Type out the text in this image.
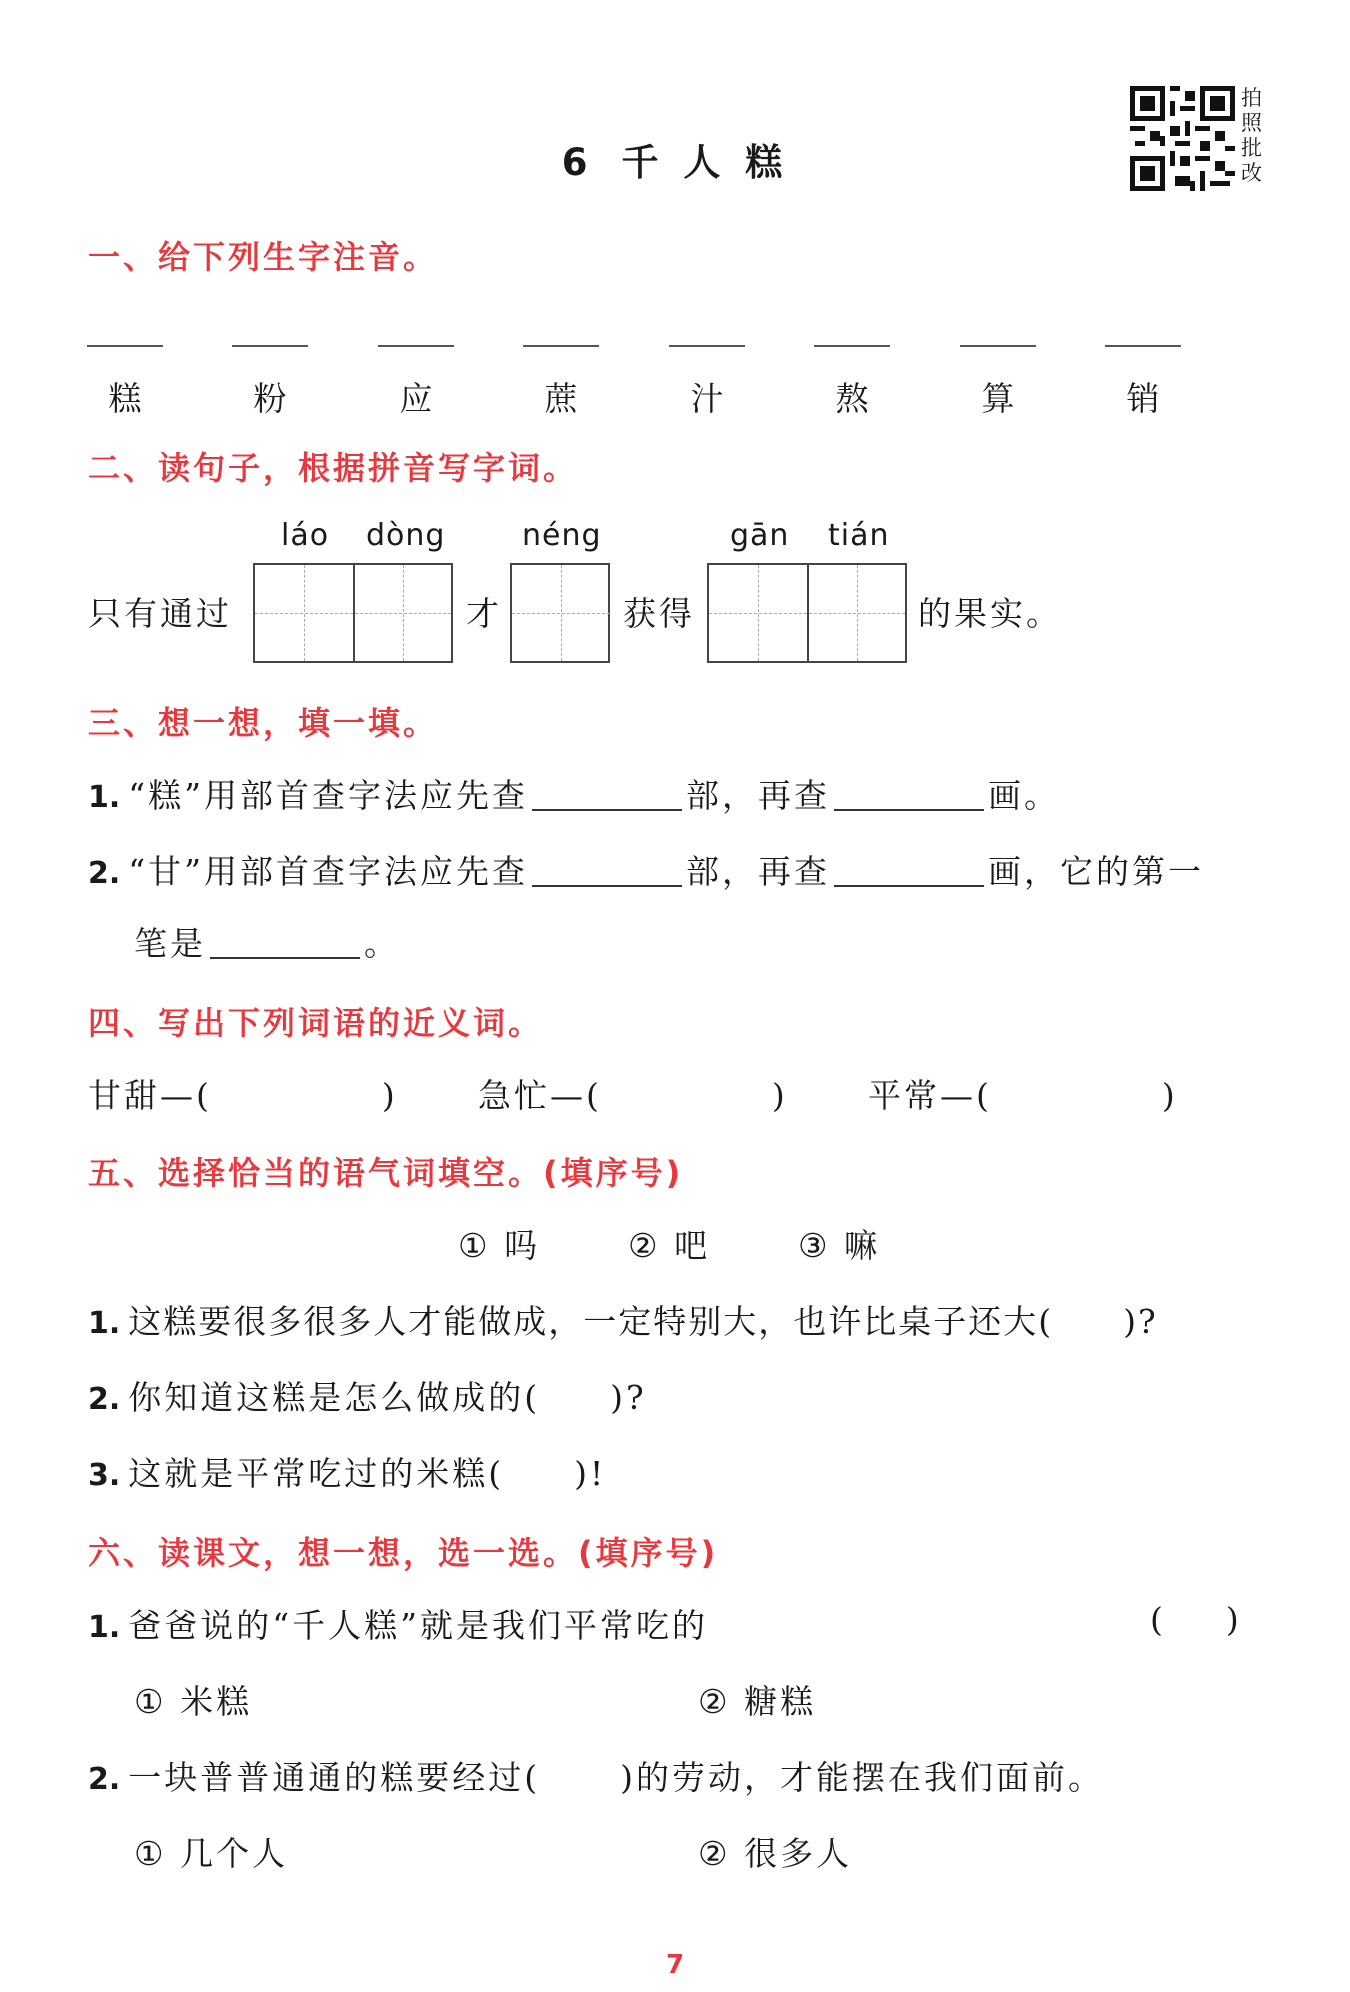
6 千 人 糕
拍
照
批
改
一、给下列生字注音。
糕	粉	应	蔗	汁	熬	算	销
二、读句子，根据拼音写字词。
láo dòng	néng	gān tián
只有通过	才	获得	的果实。
三、想一想，填一填。
1. “糕”用部首查字法应先查	部，再查	画。
2. “甘”用部首查字法应先查	部，再查	画，它的第一
笔是	。
四、写出下列词语的近义词。
甘甜—(	) 急忙—(	) 平常—(	)
五、选择恰当的语气词填空。(填序号)
① 吗	② 吧	③ 嘛
1. 这糕要很多很多人才能做成，一定特别大，也许比桌子还大( )?
2. 你知道这糕是怎么做成的( )?
3. 这就是平常吃过的米糕( )!
六、读课文，想一想，选一选。(填序号)
1. 爸爸说的“千人糕”就是我们平常吃的	( )
① 米糕	② 糖糕
2. 一块普普通通的糕要经过( )的劳动，才能摆在我们面前。
① 几个人	② 很多人
7
